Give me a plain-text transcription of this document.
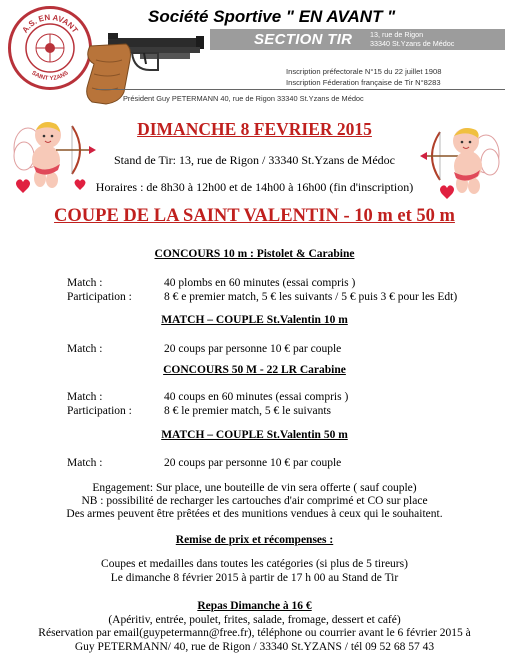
A.S. EN AVANT
SAINT YZANS
Société Sportive " EN AVANT "
SECTION TIR 13, rue de Rigon
33340 St.Yzans de Médoc
Inscription préfectorale N°15 du 22 juillet 1908
Inscription Féderation française de Tir N°8283
Président Guy PETERMANN 40, rue de Rigon 33340 St.Yzans de Médoc
DIMANCHE 8 FEVRIER 2015
Stand de Tir: 13, rue de Rigon / 33340 St.Yzans de Médoc
Horaires : de 8h30 à 12h00 et de 14h00 à 16h00 (fin d'inscription)
COUPE DE LA SAINT VALENTIN - 10 m et 50 m
CONCOURS 10 m : Pistolet & Carabine
Match :	40 plombs en 60 minutes (essai compris )
Participation :	8 € e premier match, 5 € les suivants / 5 € puis 3 € pour les Edt)
MATCH – COUPLE St.Valentin 10 m
Match :	20 coups par personne 10 € par couple
CONCOURS 50 M - 22 LR Carabine
Match :	40 coups en 60 minutes (essai compris )
Participation :	8 € le premier match, 5 € le suivants
MATCH – COUPLE St.Valentin 50 m
Match :	20 coups par personne 10 € par couple
Engagement: Sur place, une bouteille de vin sera offerte ( sauf couple)
NB : possibilité de recharger les cartouches d'air comprimé et CO sur place
Des armes peuvent être prêtées et des munitions vendues à ceux qui le souhaitent.
Remise de prix et récompenses :
Coupes et medailles dans toutes les catégories (si plus de 5 tireurs)
Le dimanche 8 février 2015 à partir de 17 h 00 au Stand de Tir
Repas Dimanche à 16 €
(Apéritiv, entrée, poulet, frites, salade, fromage, dessert et café)
Réservation par email(guypetermann@free.fr), téléphone ou courrier avant le 6 février 2015 à
Guy PETERMANN/ 40, rue de Rigon / 33340 St.YZANS / tél 09 52 68 57 43
